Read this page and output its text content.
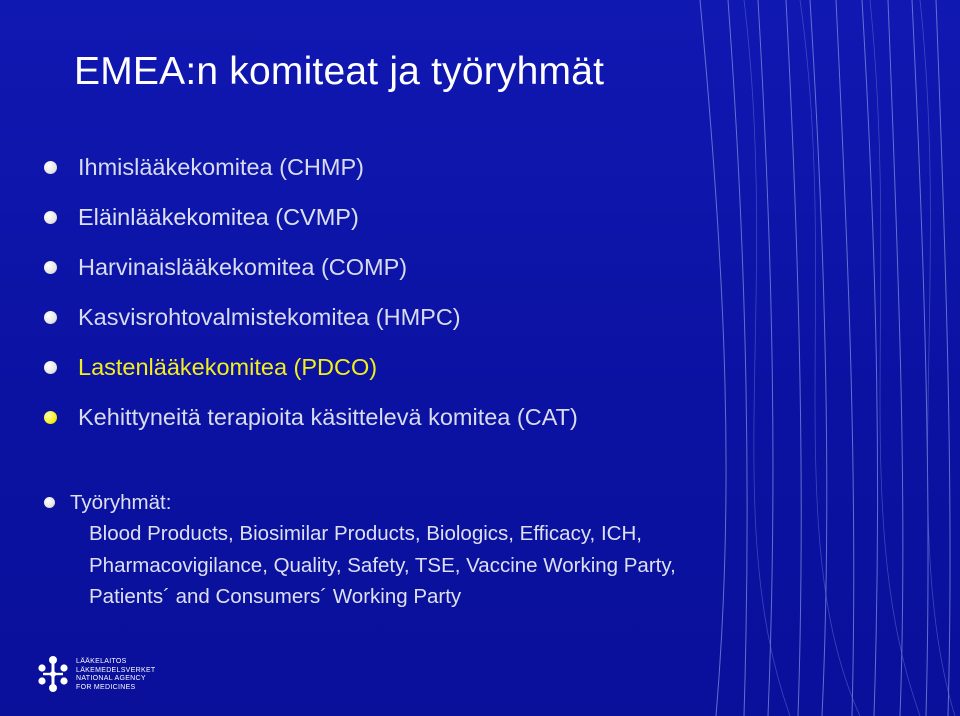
EMEA:n komiteat ja työryhmät
Ihmislääkekomitea (CHMP)
Eläinlääkekomitea (CVMP)
Harvinaislääkekomitea (COMP)
Kasvisrohtovalmistekomitea (HMPC)
Lastenlääkekomitea (PDCO)
Kehittyneitä terapioita käsittelevä komitea (CAT)
Työryhmät:
Blood Products, Biosimilar Products, Biologics, Efficacy, ICH,
Pharmacovigilance, Quality, Safety, TSE, Vaccine Working Party,
Patients´ and Consumers´ Working Party
LÄÄKELAITOS
LÄKEMEDELSVERKET
NATIONAL AGENCY
FOR MEDICINES
